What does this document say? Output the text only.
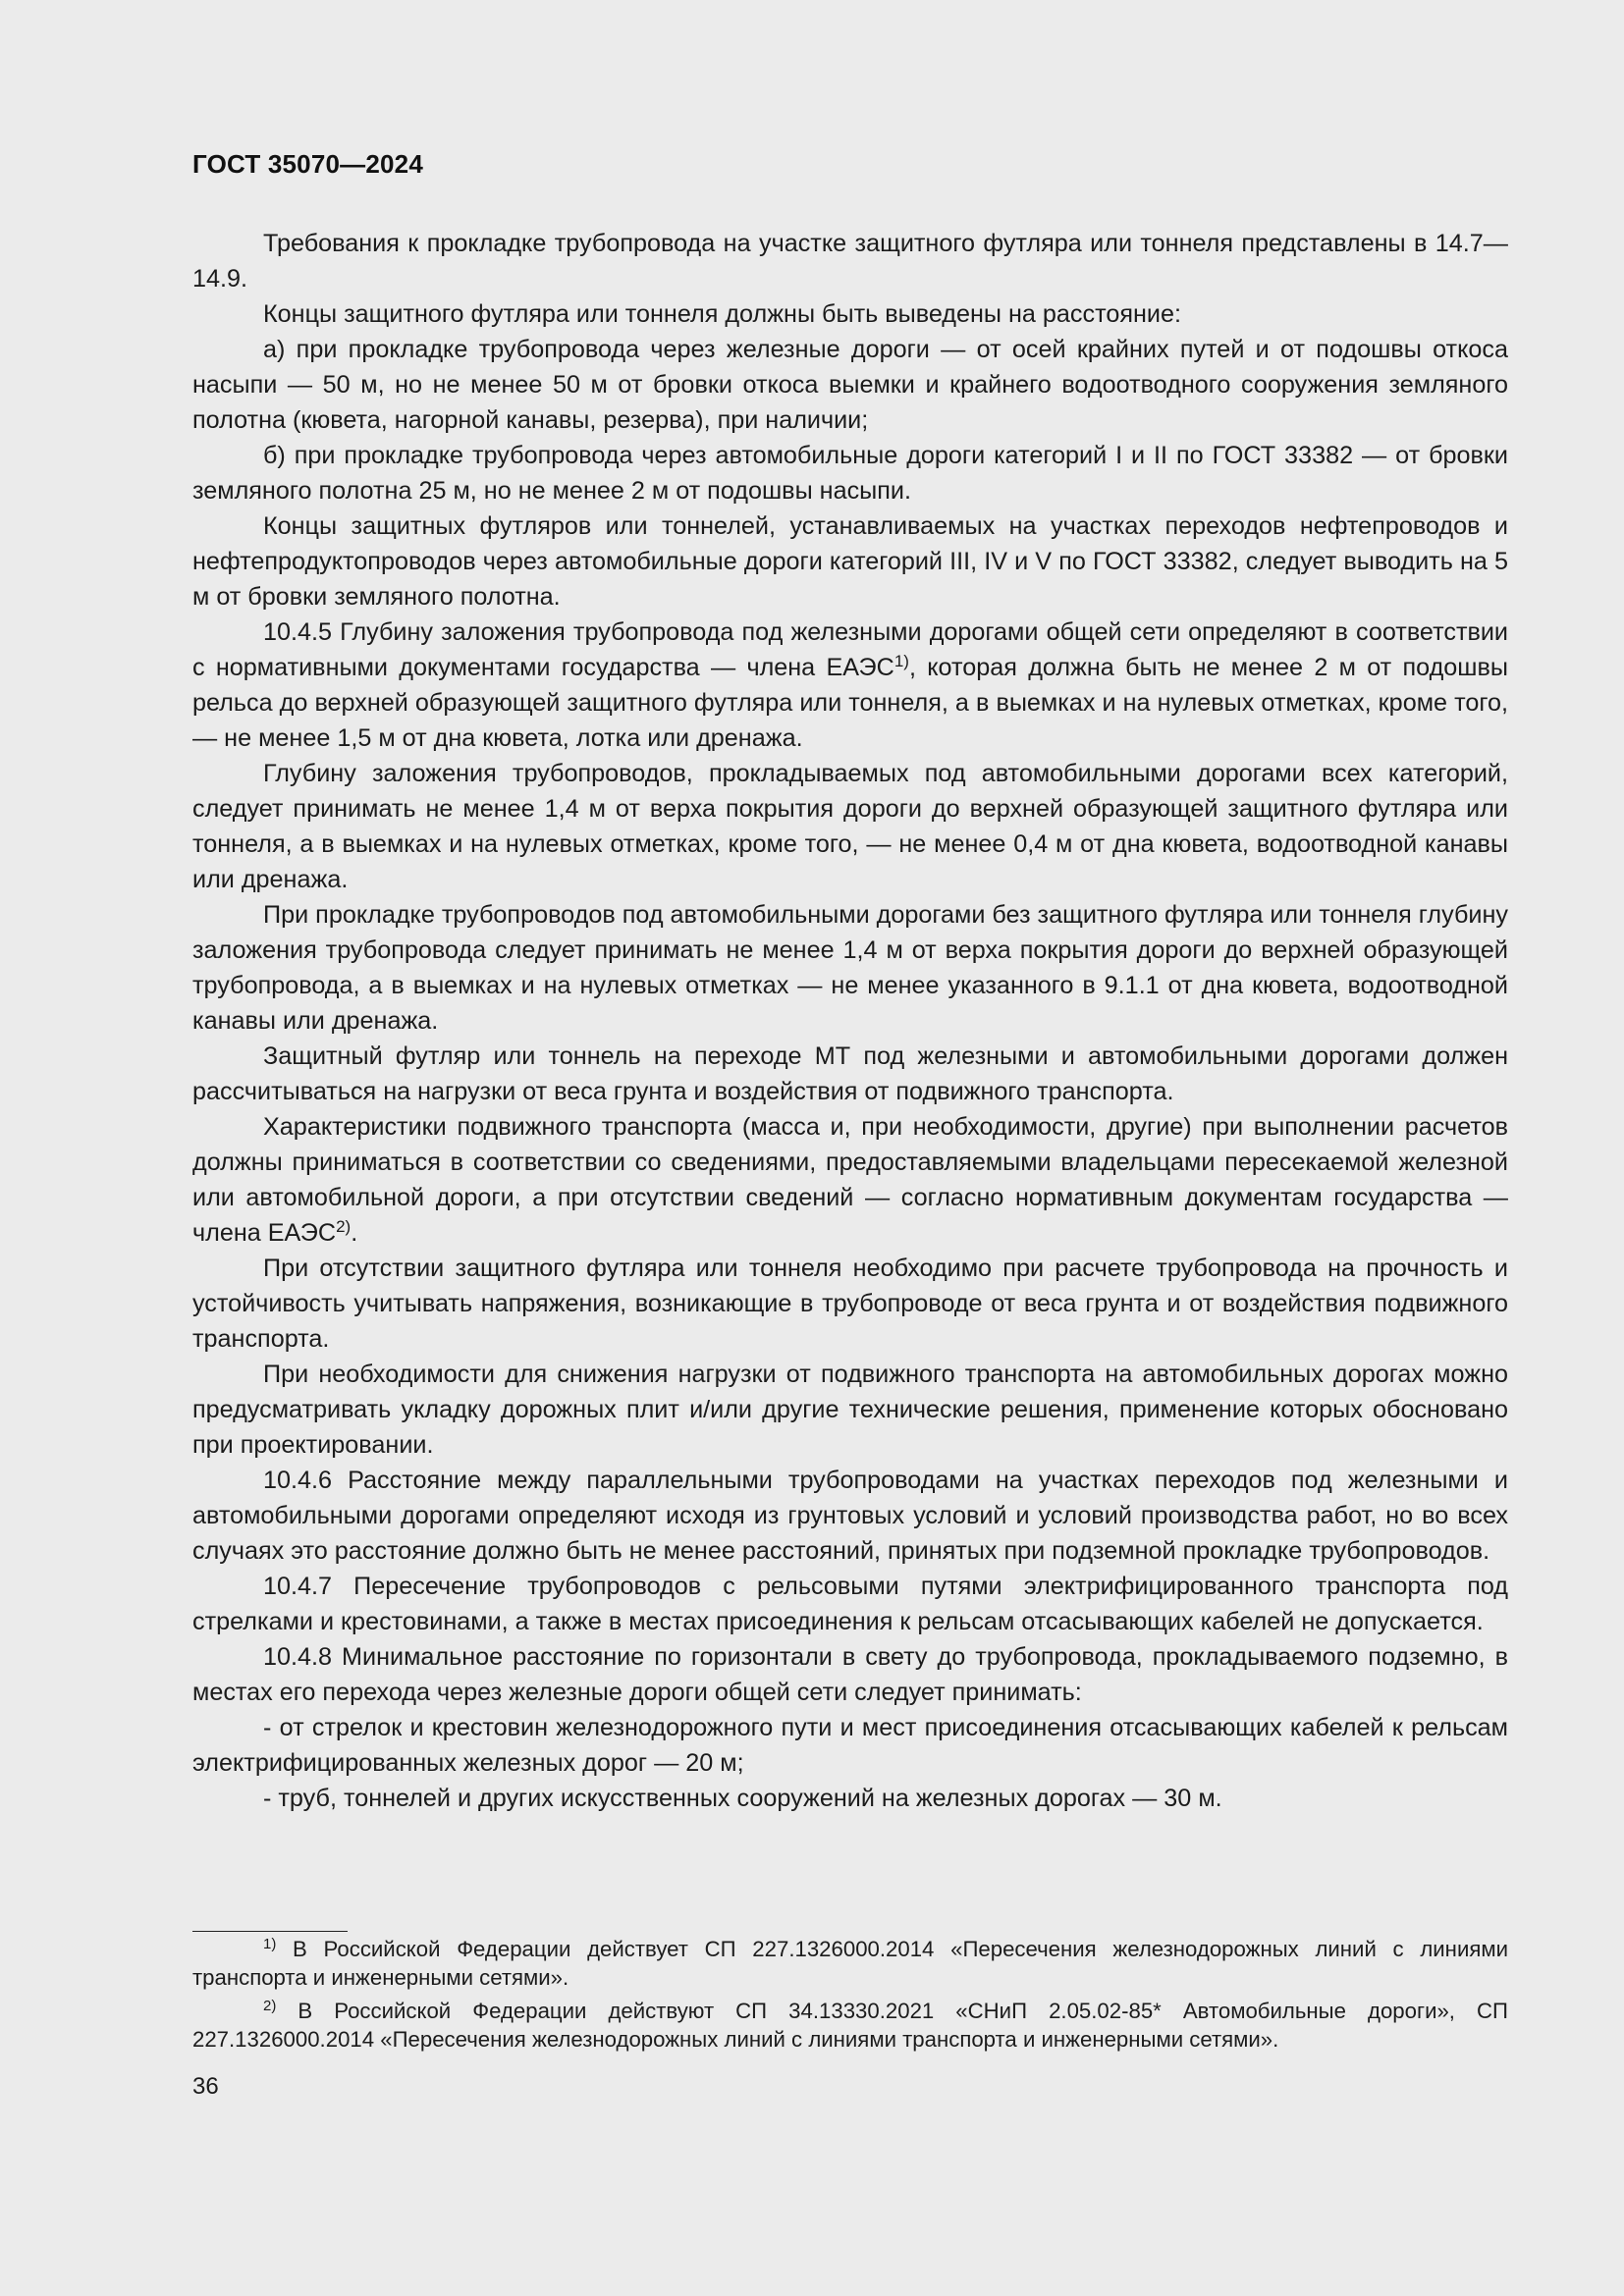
ГОСТ 35070—2024

Требования к прокладке трубопровода на участке защитного футляра или тоннеля представлены в 14.7—14.9.

Концы защитного футляра или тоннеля должны быть выведены на расстояние:

а) при прокладке трубопровода через железные дороги — от осей крайних путей и от подошвы откоса насыпи — 50 м, но не менее 50 м от бровки откоса выемки и крайнего водоотводного сооружения земляного полотна (кювета, нагорной канавы, резерва), при наличии;

б) при прокладке трубопровода через автомобильные дороги категорий I и II по ГОСТ 33382 — от бровки земляного полотна 25 м, но не менее 2 м от подошвы насыпи.

Концы защитных футляров или тоннелей, устанавливаемых на участках переходов нефтепроводов и нефтепродуктопроводов через автомобильные дороги категорий III, IV и V по ГОСТ 33382, следует выводить на 5 м от бровки земляного полотна.

10.4.5 Глубину заложения трубопровода под железными дорогами общей сети определяют в соответствии с нормативными документами государства — члена ЕАЭС$^{1)}$, которая должна быть не менее 2 м от подошвы рельса до верхней образующей защитного футляра или тоннеля, а в выемках и на нулевых отметках, кроме того, — не менее 1,5 м от дна кювета, лотка или дренажа.

Глубину заложения трубопроводов, прокладываемых под автомобильными дорогами всех категорий, следует принимать не менее 1,4 м от верха покрытия дороги до верхней образующей защитного футляра или тоннеля, а в выемках и на нулевых отметках, кроме того, — не менее 0,4 м от дна кювета, водоотводной канавы или дренажа.

При прокладке трубопроводов под автомобильными дорогами без защитного футляра или тоннеля глубину заложения трубопровода следует принимать не менее 1,4 м от верха покрытия дороги до верхней образующей трубопровода, а в выемках и на нулевых отметках — не менее указанного в 9.1.1 от дна кювета, водоотводной канавы или дренажа.

Защитный футляр или тоннель на переходе МТ под железными и автомобильными дорогами должен рассчитываться на нагрузки от веса грунта и воздействия от подвижного транспорта.

Характеристики подвижного транспорта (масса и, при необходимости, другие) при выполнении расчетов должны приниматься в соответствии со сведениями, предоставляемыми владельцами пересекаемой железной или автомобильной дороги, а при отсутствии сведений — согласно нормативным документам государства — члена ЕАЭС$^{2)}$.

При отсутствии защитного футляра или тоннеля необходимо при расчете трубопровода на прочность и устойчивость учитывать напряжения, возникающие в трубопроводе от веса грунта и от воздействия подвижного транспорта.

При необходимости для снижения нагрузки от подвижного транспорта на автомобильных дорогах можно предусматривать укладку дорожных плит и/или другие технические решения, применение которых обосновано при проектировании.

10.4.6 Расстояние между параллельными трубопроводами на участках переходов под железными и автомобильными дорогами определяют исходя из грунтовых условий и условий производства работ, но во всех случаях это расстояние должно быть не менее расстояний, принятых при подземной прокладке трубопроводов.

10.4.7 Пересечение трубопроводов с рельсовыми путями электрифицированного транспорта под стрелками и крестовинами, а также в местах присоединения к рельсам отсасывающих кабелей не допускается.

10.4.8 Минимальное расстояние по горизонтали в свету до трубопровода, прокладываемого подземно, в местах его перехода через железные дороги общей сети следует принимать:

- от стрелок и крестовин железнодорожного пути и мест присоединения отсасывающих кабелей к рельсам электрифицированных железных дорог — 20 м;

- труб, тоннелей и других искусственных сооружений на железных дорогах — 30 м.

$^{1)}$ В Российской Федерации действует СП 227.1326000.2014 «Пересечения железнодорожных линий с линиями транспорта и инженерными сетями».

$^{2)}$ В Российской Федерации действуют СП 34.13330.2021 «СНиП 2.05.02-85* Автомобильные дороги», СП 227.1326000.2014 «Пересечения железнодорожных линий с линиями транспорта и инженерными сетями».

36
